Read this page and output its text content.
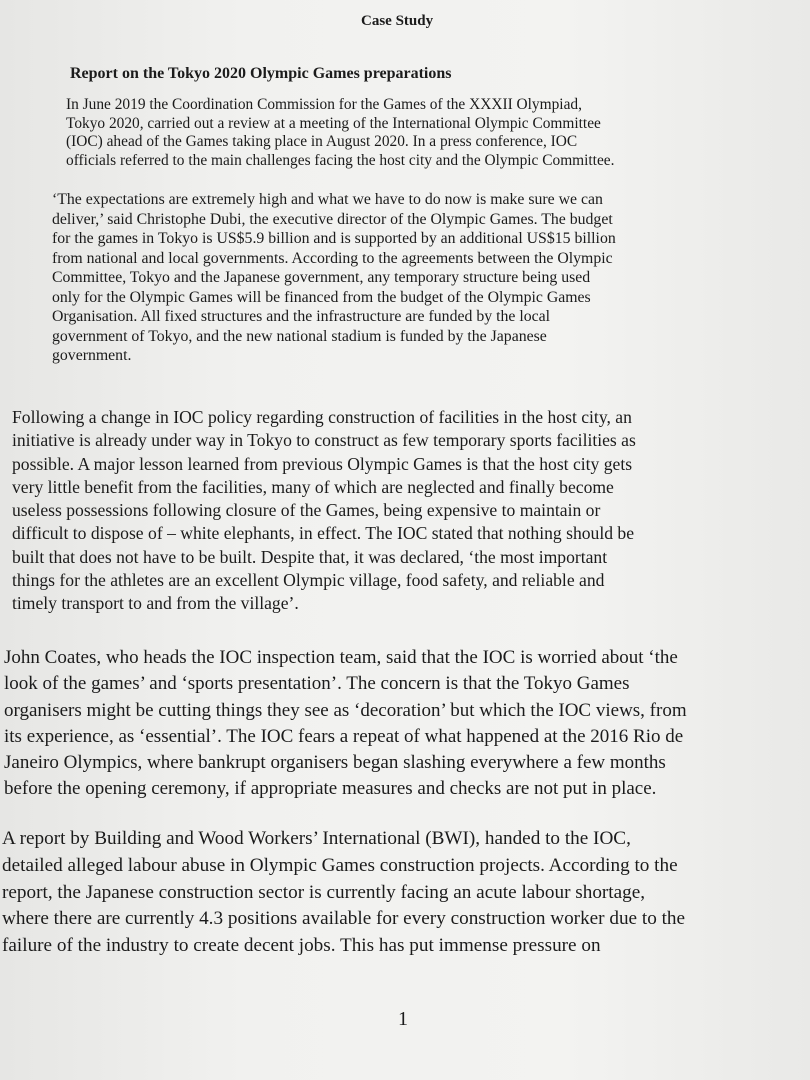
Case Study
Report on the Tokyo 2020 Olympic Games preparations
In June 2019 the Coordination Commission for the Games of the XXXII Olympiad,
Tokyo 2020, carried out a review at a meeting of the International Olympic Committee
(IOC) ahead of the Games taking place in August 2020. In a press conference, IOC
officials referred to the main challenges facing the host city and the Olympic Committee.
‘The expectations are extremely high and what we have to do now is make sure we can
deliver,’ said Christophe Dubi, the executive director of the Olympic Games. The budget
for the games in Tokyo is US$5.9 billion and is supported by an additional US$15 billion
from national and local governments. According to the agreements between the Olympic
Committee, Tokyo and the Japanese government, any temporary structure being used
only for the Olympic Games will be financed from the budget of the Olympic Games
Organisation. All fixed structures and the infrastructure are funded by the local
government of Tokyo, and the new national stadium is funded by the Japanese
government.
Following a change in IOC policy regarding construction of facilities in the host city, an
initiative is already under way in Tokyo to construct as few temporary sports facilities as
possible. A major lesson learned from previous Olympic Games is that the host city gets
very little benefit from the facilities, many of which are neglected and finally become
useless possessions following closure of the Games, being expensive to maintain or
difficult to dispose of – white elephants, in effect. The IOC stated that nothing should be
built that does not have to be built. Despite that, it was declared, ‘the most important
things for the athletes are an excellent Olympic village, food safety, and reliable and
timely transport to and from the village’.
John Coates, who heads the IOC inspection team, said that the IOC is worried about ‘the
look of the games’ and ‘sports presentation’. The concern is that the Tokyo Games
organisers might be cutting things they see as ‘decoration’ but which the IOC views, from
its experience, as ‘essential’. The IOC fears a repeat of what happened at the 2016 Rio de
Janeiro Olympics, where bankrupt organisers began slashing everywhere a few months
before the opening ceremony, if appropriate measures and checks are not put in place.
A report by Building and Wood Workers’ International (BWI), handed to the IOC,
detailed alleged labour abuse in Olympic Games construction projects. According to the
report, the Japanese construction sector is currently facing an acute labour shortage,
where there are currently 4.3 positions available for every construction worker due to the
failure of the industry to create decent jobs. This has put immense pressure on
1
